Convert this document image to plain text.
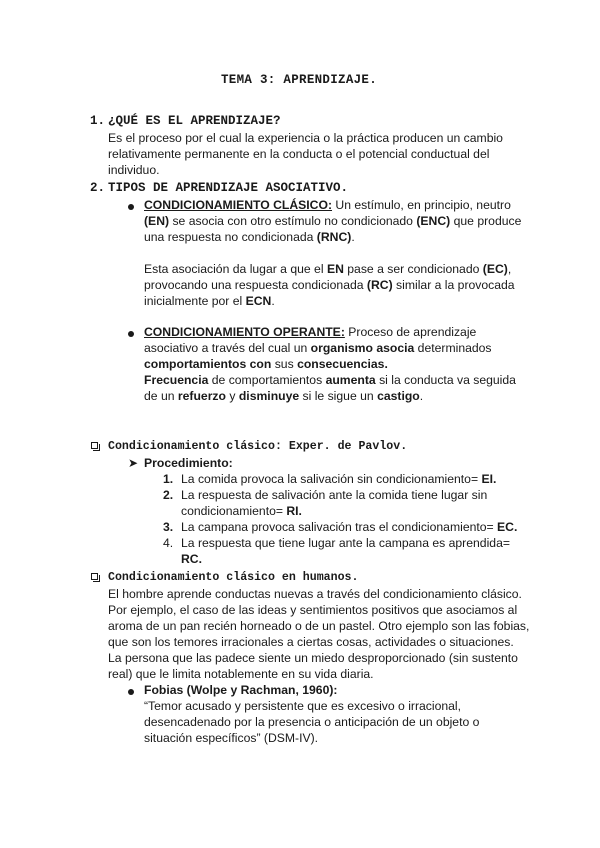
TEMA 3: APRENDIZAJE.
1. ¿QUÉ ES EL APRENDIZAJE?
Es el proceso por el cual la experiencia o la práctica producen un cambio
relativamente permanente en la conducta o el potencial conductual del
individuo.
2. TIPOS DE APRENDIZAJE ASOCIATIVO.
CONDICIONAMIENTO CLÁSICO: Un estímulo, en principio, neutro
(EN) se asocia con otro estímulo no condicionado (ENC) que produce
una respuesta no condicionada (RNC).
Esta asociación da lugar a que el EN pase a ser condicionado (EC),
provocando una respuesta condicionada (RC) similar a la provocada
inicialmente por el ECN.
CONDICIONAMIENTO OPERANTE: Proceso de aprendizaje
asociativo a través del cual un organismo asocia determinados
comportamientos con sus consecuencias.
Frecuencia de comportamientos aumenta si la conducta va seguida
de un refuerzo y disminuye si le sigue un castigo.
Condicionamiento clásico: Exper. de Pavlov.
➤ Procedimiento:
1. La comida provoca la salivación sin condicionamiento= EI.
2. La respuesta de salivación ante la comida tiene lugar sin
condicionamiento= RI.
3. La campana provoca salivación tras el condicionamiento= EC.
4. La respuesta que tiene lugar ante la campana es aprendida=
RC.
Condicionamiento clásico en humanos.
El hombre aprende conductas nuevas a través del condicionamiento clásico.
Por ejemplo, el caso de las ideas y sentimientos positivos que asociamos al
aroma de un pan recién horneado o de un pastel. Otro ejemplo son las fobias,
que son los temores irracionales a ciertas cosas, actividades o situaciones.
La persona que las padece siente un miedo desproporcionado (sin sustento
real) que le limita notablemente en su vida diaria.
Fobias (Wolpe y Rachman, 1960):
“Temor acusado y persistente que es excesivo o irracional,
desencadenado por la presencia o anticipación de un objeto o
situación específicos” (DSM-IV).
